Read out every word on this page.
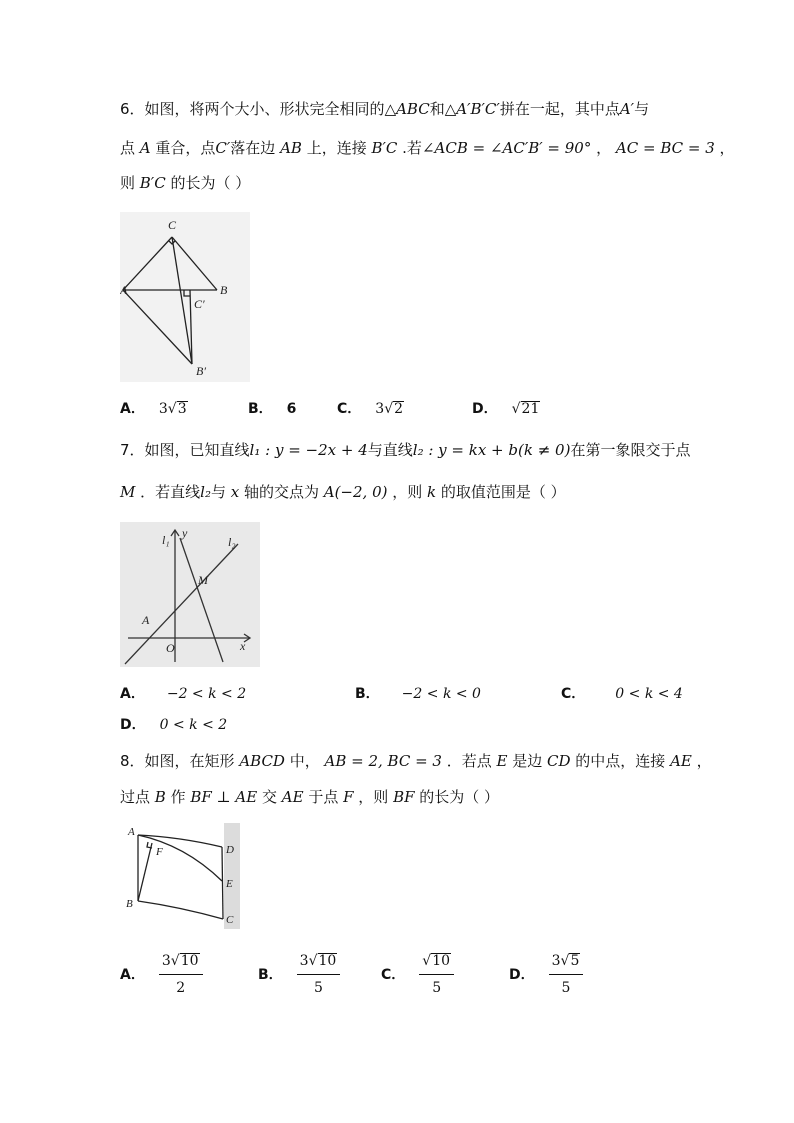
6．如图，将两个大小、形状完全相同的△ABC和△A′B′C′拼在一起，其中点A′与
点 A 重合，点C′落在边 AB 上，连接 B′C .若∠ACB = ∠AC′B′ = 90° ， AC = BC = 3 ，
则 B′C 的长为（ ）
C
A	B
C′
B′
A． 3√3	B． 6	C． 3√2	D． √21
7．如图，已知直线l₁ : y = −2x + 4与直线l₂ : y = kx + b(k ≠ 0)在第一象限交于点
M ．若直线l₂与 x 轴的交点为 A(−2, 0) ，则 k 的取值范围是（ ）
l₁ y
l₂
M
A
O	x
A． −2 < k < 2	B． −2 < k < 0	C． 0 < k < 4
D． 0 < k < 2
8．如图，在矩形 ABCD 中， AB = 2, BC = 3 ．若点 E 是边 CD 的中点，连接 AE ，
过点 B 作 BF ⊥ AE 交 AE 于点 F ，则 BF 的长为（ ）
A
F	D
E
B
C
A． $\frac{3√10}{2}$	B． $\frac{3√10}{5}$	C． $\frac{√10}{5}$	D． $\frac{3√5}{5}$
